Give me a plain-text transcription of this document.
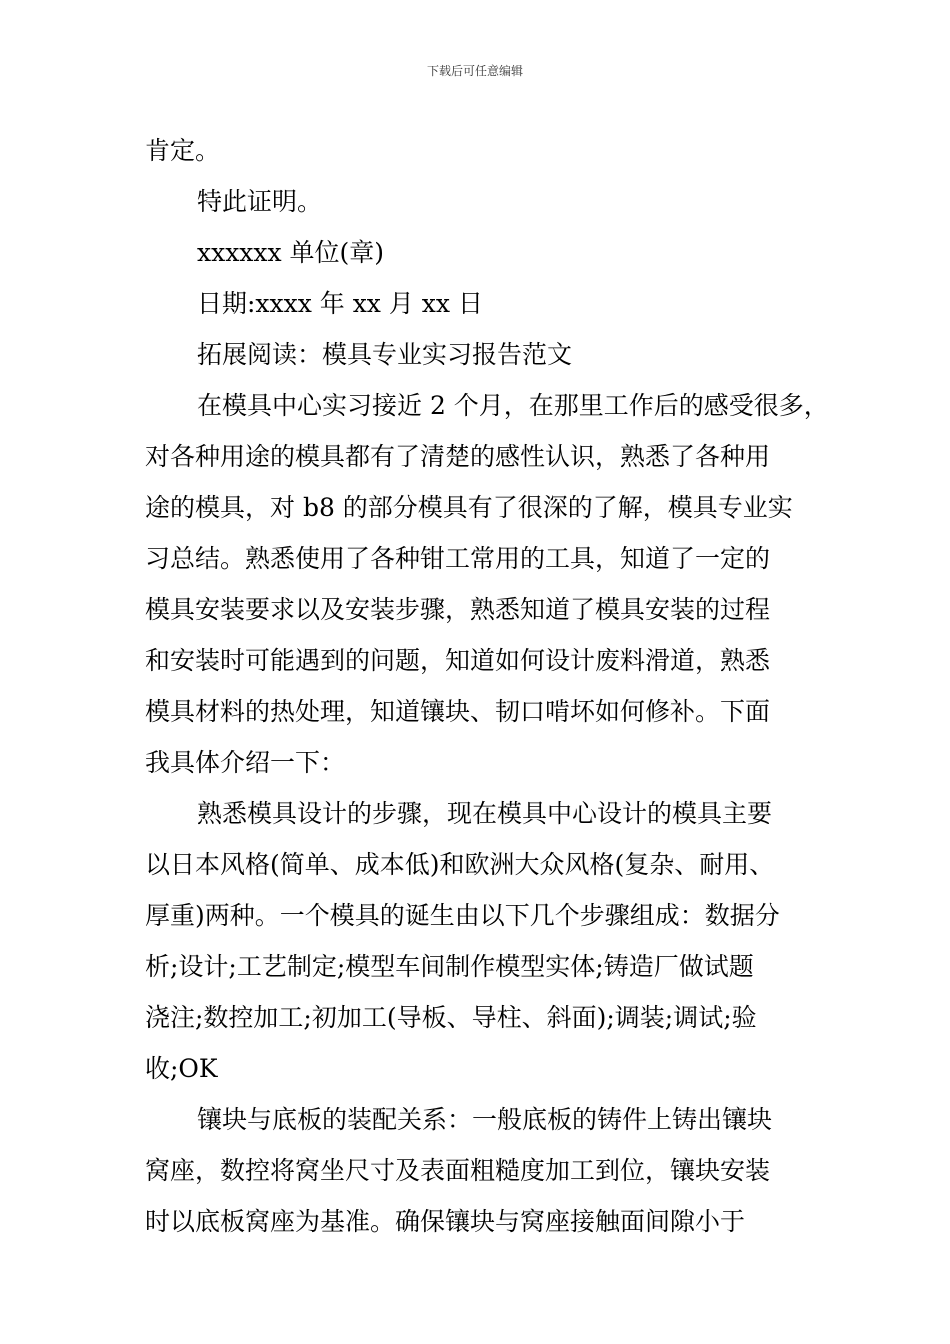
下载后可任意编辑
肯定。
特此证明。
xxxxxx 单位(章)
日期:xxxx 年 xx 月 xx 日
拓展阅读：模具专业实习报告范文
在模具中心实习接近 2 个月，在那里工作后的感受很多，
对各种用途的模具都有了清楚的感性认识，熟悉了各种用
途的模具，对 b8 的部分模具有了很深的了解，模具专业实
习总结。熟悉使用了各种钳工常用的工具，知道了一定的
模具安装要求以及安装步骤，熟悉知道了模具安装的过程
和安装时可能遇到的问题，知道如何设计废料滑道，熟悉
模具材料的热处理，知道镶块、韧口啃坏如何修补。下面
我具体介绍一下：
熟悉模具设计的步骤，现在模具中心设计的模具主要
以日本风格(简单、成本低)和欧洲大众风格(复杂、耐用、
厚重)两种。一个模具的诞生由以下几个步骤组成：数据分
析;设计;工艺制定;模型车间制作模型实体;铸造厂做试题
浇注;数控加工;初加工(导板、导柱、斜面);调装;调试;验
收;OK
镶块与底板的装配关系：一般底板的铸件上铸出镶块
窝座，数控将窝坐尺寸及表面粗糙度加工到位，镶块安装
时以底板窝座为基准。确保镶块与窝座接触面间隙小于
